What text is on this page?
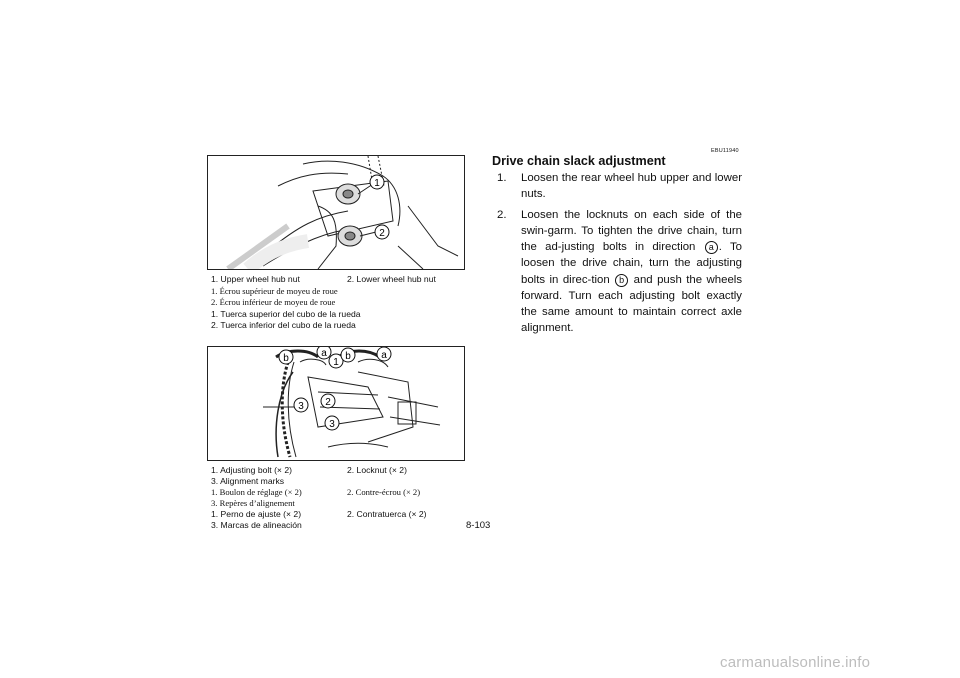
1
2
1. Upper wheel hub nut	2. Lower wheel hub nut
1. Écrou supérieur de moyeu de roue
2. Écrou inférieur de moyeu de roue
1. Tuerca superior del cubo de la rueda
2. Tuerca inferior del cubo de la rueda
b	a
1
b	a
3 2
3
1. Adjusting bolt (× 2)	2. Locknut (× 2)
3. Alignment marks
1. Boulon de réglage (× 2)	2. Contre-écrou (× 2)
3. Repères d’alignement
1. Perno de ajuste (× 2)	2. Contratuerca (× 2)
3. Marcas de alineación
EBU11940
Drive chain slack adjustment
1.	Loosen the rear wheel hub upper and lower nuts.
2.	Loosen the locknuts on each side of the swin-garm. To tighten the drive chain, turn the ad-justing bolts in direction a . To loosen the drive chain, turn the adjusting bolts in direc-tion b and push the wheels forward. Turn each adjusting bolt exactly the same amount to maintain correct axle alignment.
8-103
carmanualsonline.info
